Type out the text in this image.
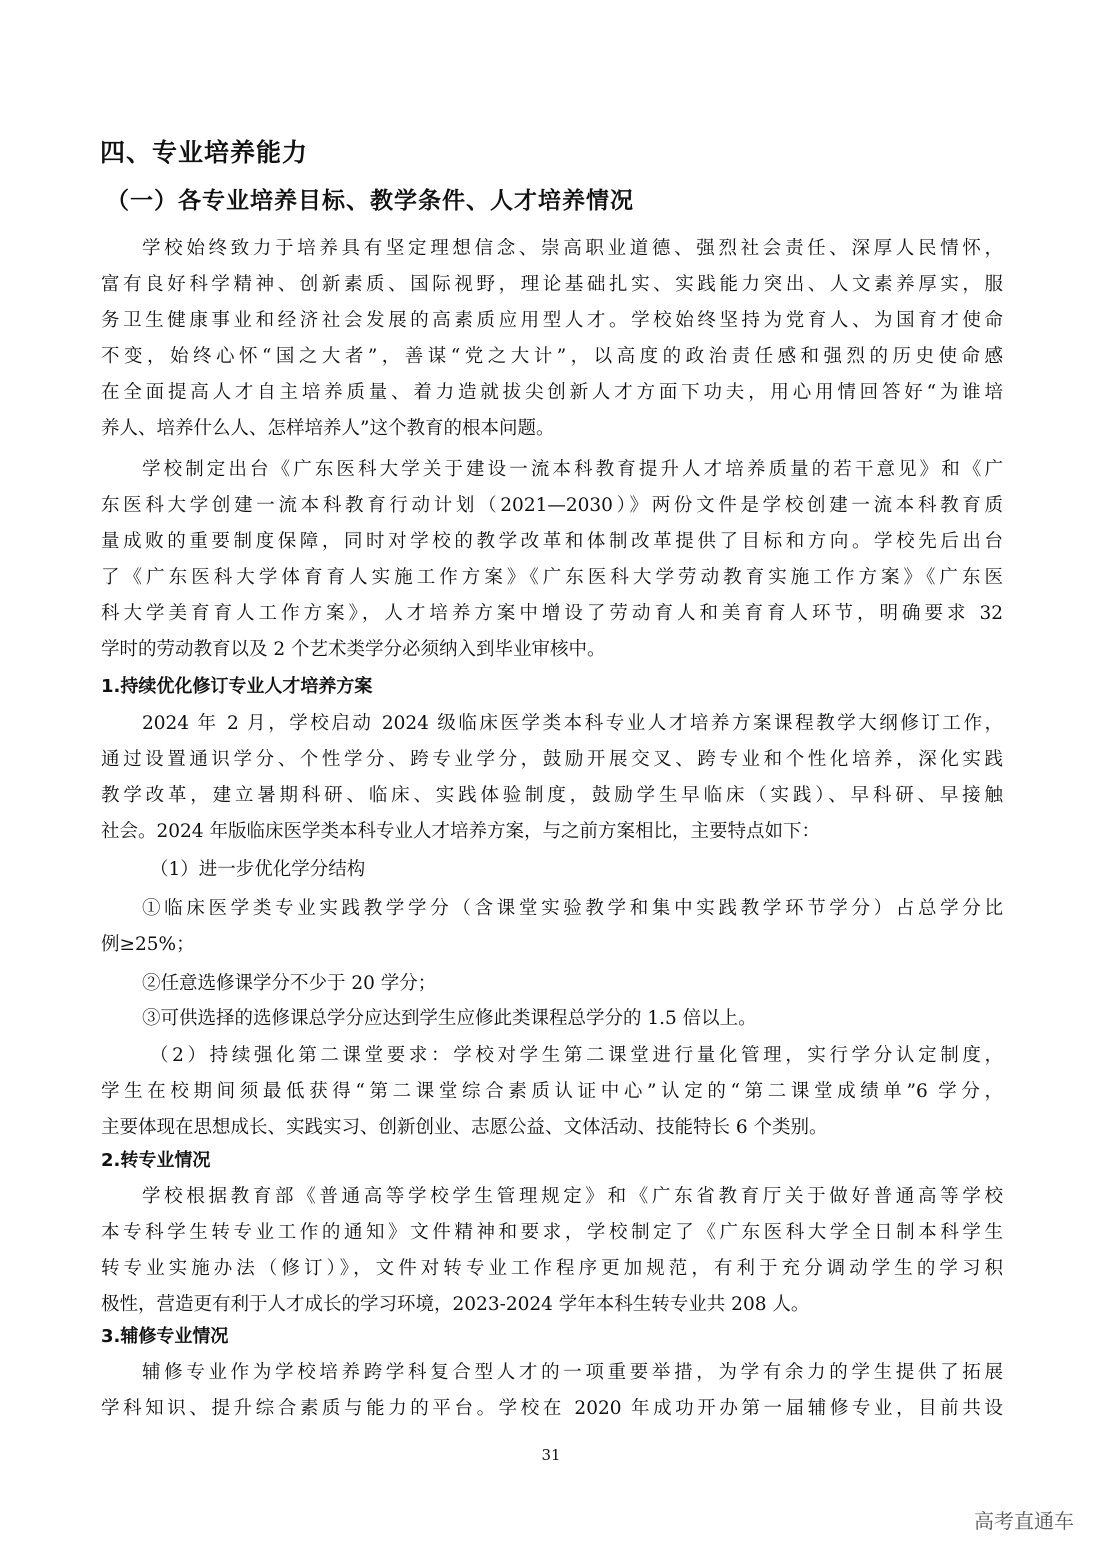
四、专业培养能力
（一）各专业培养目标、教学条件、人才培养情况
学校始终致力于培养具有坚定理想信念、崇高职业道德、强烈社会责任、深厚人民情怀，
富有良好科学精神、创新素质、国际视野，理论基础扎实、实践能力突出、人文素养厚实，服
务卫生健康事业和经济社会发展的高素质应用型人才。学校始终坚持为党育人、为国育才使命
不变，始终心怀“国之大者”，善谋“党之大计”，以高度的政治责任感和强烈的历史使命感
在全面提高人才自主培养质量、着力造就拔尖创新人才方面下功夫，用心用情回答好“为谁培
养人、培养什么人、怎样培养人”这个教育的根本问题。
学校制定出台《广东医科大学关于建设一流本科教育提升人才培养质量的若干意见》和《广
东医科大学创建一流本科教育行动计划（2021—2030）》两份文件是学校创建一流本科教育质
量成败的重要制度保障，同时对学校的教学改革和体制改革提供了目标和方向。学校先后出台
了《广东医科大学体育育人实施工作方案》《广东医科大学劳动教育实施工作方案》《广东医
科大学美育育人工作方案》，人才培养方案中增设了劳动育人和美育育人环节，明确要求 32
学时的劳动教育以及 2 个艺术类学分必须纳入到毕业审核中。
1.持续优化修订专业人才培养方案
2024 年 2 月，学校启动 2024 级临床医学类本科专业人才培养方案课程教学大纲修订工作，
通过设置通识学分、个性学分、跨专业学分，鼓励开展交叉、跨专业和个性化培养，深化实践
教学改革，建立暑期科研、临床、实践体验制度，鼓励学生早临床（实践）、早科研、早接触
社会。2024 年版临床医学类本科专业人才培养方案，与之前方案相比，主要特点如下：
（1）进一步优化学分结构
①临床医学类专业实践教学学分（含课堂实验教学和集中实践教学环节学分）占总学分比
例≥25%；
②任意选修课学分不少于 20 学分；
③可供选择的选修课总学分应达到学生应修此类课程总学分的 1.5 倍以上。
（2）持续强化第二课堂要求：学校对学生第二课堂进行量化管理，实行学分认定制度，
学生在校期间须最低获得“第二课堂综合素质认证中心”认定的“第二课堂成绩单”6 学分，
主要体现在思想成长、实践实习、创新创业、志愿公益、文体活动、技能特长 6 个类别。
2.转专业情况
学校根据教育部《普通高等学校学生管理规定》和《广东省教育厅关于做好普通高等学校
本专科学生转专业工作的通知》文件精神和要求，学校制定了《广东医科大学全日制本科学生
转专业实施办法（修订）》，文件对转专业工作程序更加规范，有利于充分调动学生的学习积
极性，营造更有利于人才成长的学习环境，2023-2024 学年本科生转专业共 208 人。
3.辅修专业情况
辅修专业作为学校培养跨学科复合型人才的一项重要举措，为学有余力的学生提供了拓展
学科知识、提升综合素质与能力的平台。学校在 2020 年成功开办第一届辅修专业，目前共设
31
高考直通车
